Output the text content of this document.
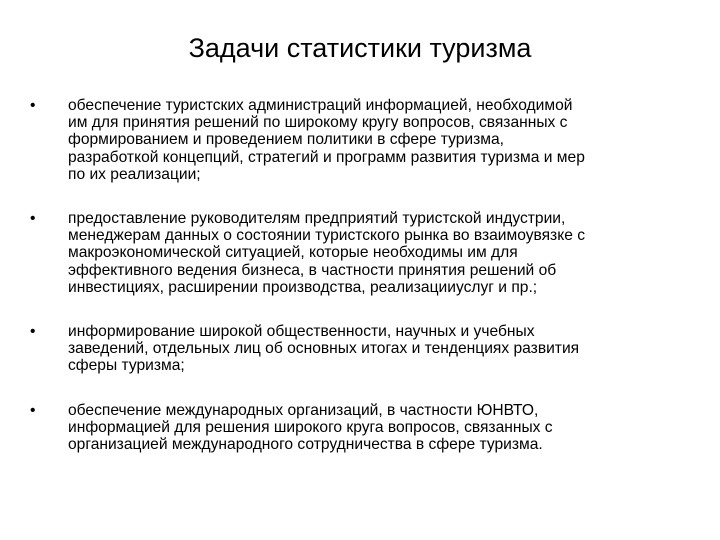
Задачи статистики туризма
• обеспечение туристских администраций информацией, необходимой
им для принятия решений по широкому кругу вопросов, связанных с
формированием и проведением политики в сфере туризма,
разработкой концепций, стратегий и программ развития туризма и мер
по их реализации;
• предоставление руководителям предприятий туристской индустрии,
менеджерам данных о состоянии туристского рынка во взаимоувязке с
макроэкономической ситуацией, которые необходимы им для
эффективного ведения бизнеса, в частности принятия решений об
инвестициях, расширении производства, реализацииуслуг и пр.;
• информирование широкой общественности, научных и учебных
заведений, отдельных лиц об основных итогах и тенденциях развития
сферы туризма;
• обеспечение международных организаций, в частности ЮНВТО,
информацией для решения широкого круга вопросов, связанных с
организацией международного сотрудничества в сфере туризма.
